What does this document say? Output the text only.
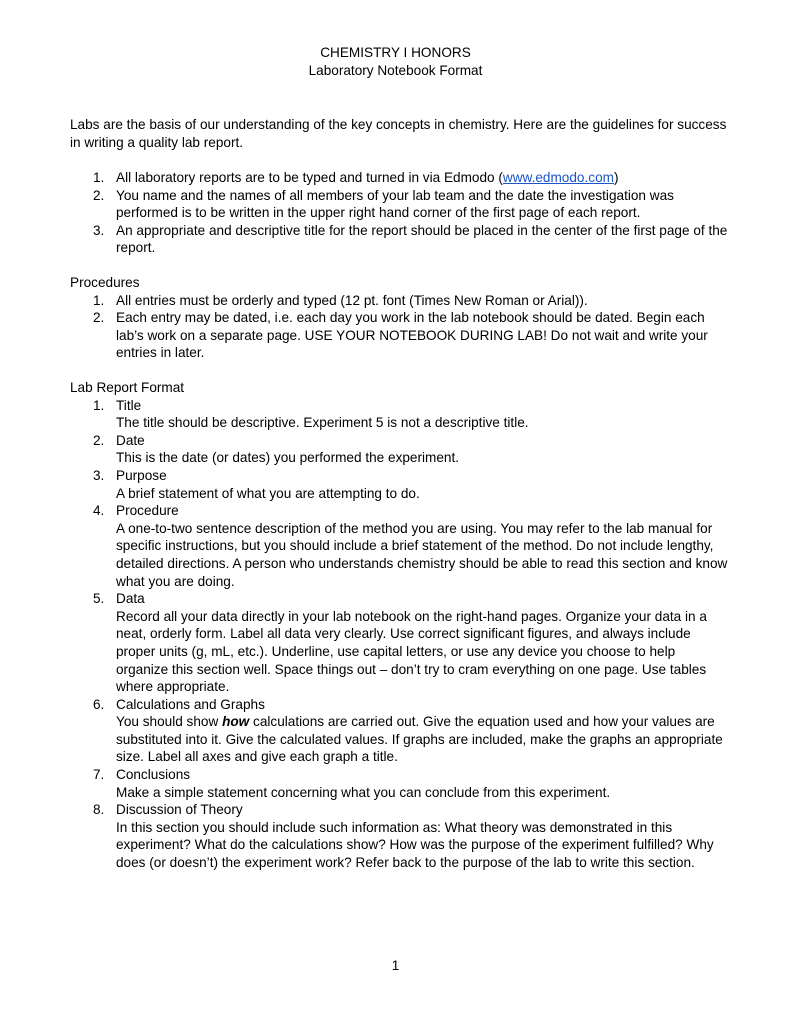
CHEMISTRY I HONORS
Laboratory Notebook Format
Labs are the basis of our understanding of the key concepts in chemistry. Here are the guidelines for success in writing a quality lab report.
1. All laboratory reports are to be typed and turned in via Edmodo (www.edmodo.com)
2. You name and the names of all members of your lab team and the date the investigation was performed is to be written in the upper right hand corner of the first page of each report.
3. An appropriate and descriptive title for the report should be placed in the center of the first page of the report.
Procedures
1. All entries must be orderly and typed (12 pt. font (Times New Roman or Arial)).
2. Each entry may be dated, i.e. each day you work in the lab notebook should be dated. Begin each lab’s work on a separate page. USE YOUR NOTEBOOK DURING LAB! Do not wait and write your entries in later.
Lab Report Format
1. Title
The title should be descriptive. Experiment 5 is not a descriptive title.
2. Date
This is the date (or dates) you performed the experiment.
3. Purpose
A brief statement of what you are attempting to do.
4. Procedure
A one-to-two sentence description of the method you are using. You may refer to the lab manual for specific instructions, but you should include a brief statement of the method. Do not include lengthy, detailed directions. A person who understands chemistry should be able to read this section and know what you are doing.
5. Data
Record all your data directly in your lab notebook on the right-hand pages. Organize your data in a neat, orderly form. Label all data very clearly. Use correct significant figures, and always include proper units (g, mL, etc.). Underline, use capital letters, or use any device you choose to help organize this section well. Space things out – don’t try to cram everything on one page. Use tables where appropriate.
6. Calculations and Graphs
You should show how calculations are carried out. Give the equation used and how your values are substituted into it. Give the calculated values. If graphs are included, make the graphs an appropriate size. Label all axes and give each graph a title.
7. Conclusions
Make a simple statement concerning what you can conclude from this experiment.
8. Discussion of Theory
In this section you should include such information as: What theory was demonstrated in this experiment? What do the calculations show? How was the purpose of the experiment fulfilled? Why does (or doesn’t) the experiment work? Refer back to the purpose of the lab to write this section.
1
